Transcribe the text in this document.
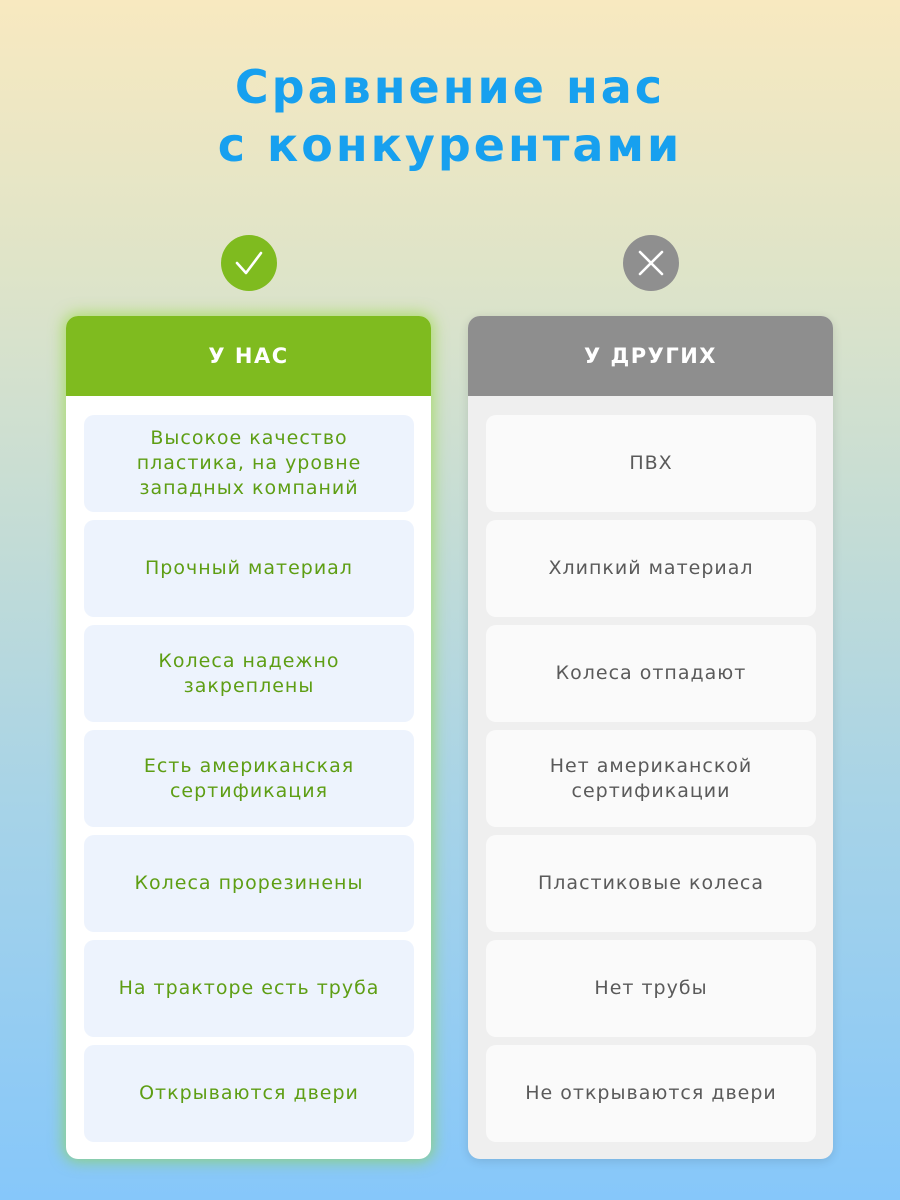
Сравнение нас
с конкурентами
У НАС
Высокое качество пластика, на уровне западных компаний
Прочный материал
Колеса надежно закреплены
Есть американская сертификация
Колеса прорезинены
На тракторе есть труба
Открываются двери
У ДРУГИХ
ПВХ
Хлипкий материал
Колеса отпадают
Нет американской сертификации
Пластиковые колеса
Нет трубы
Не открываются двери
